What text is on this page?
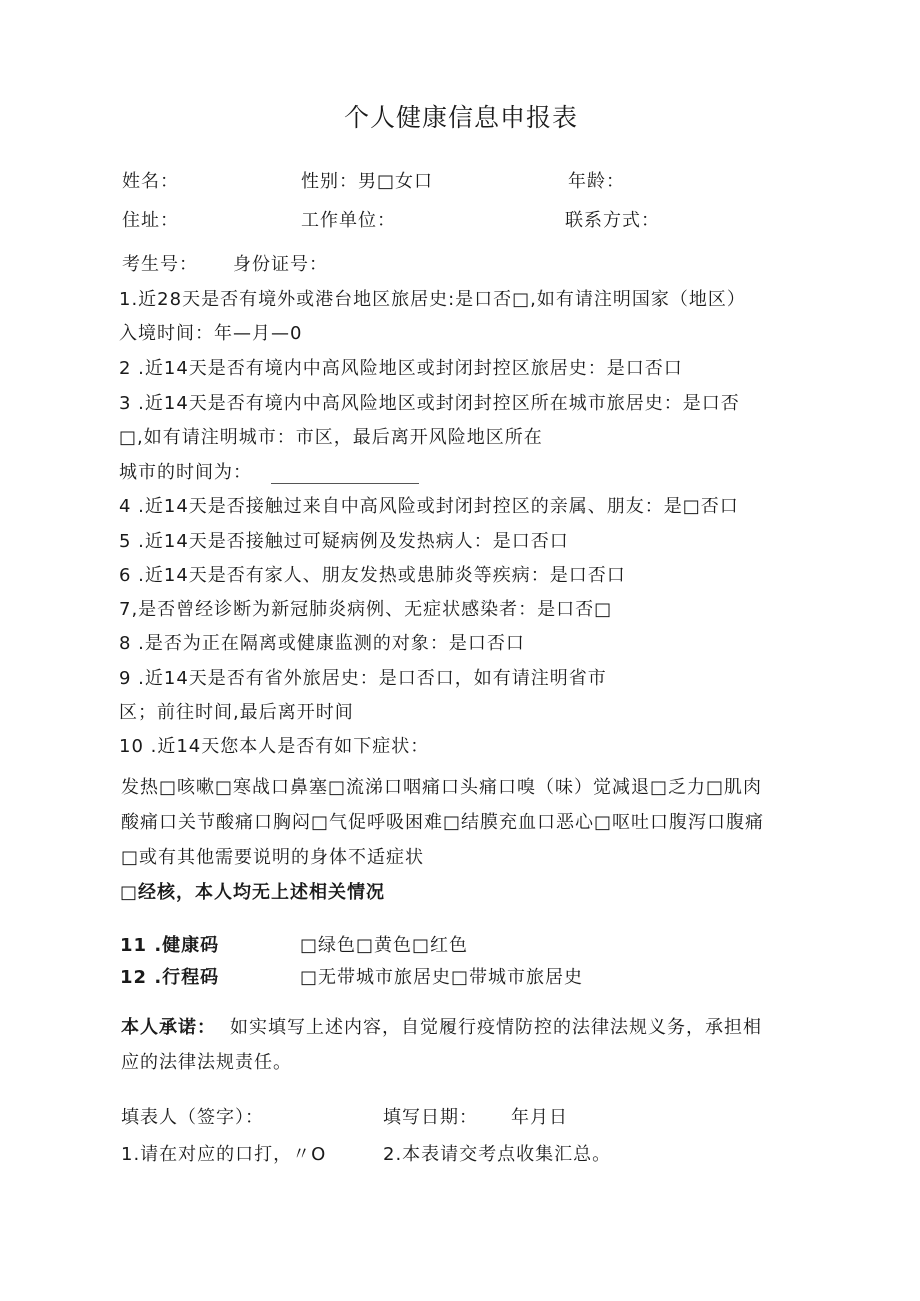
个人健康信息申报表
姓名：	性别：男□女口	年龄：
住址：	工作单位：	联系方式：
考生号： 身份证号：
1.近28天是否有境外或港台地区旅居史:是口否□,如有请注明国家（地区）
入境时间：年—月—0
2 .近14天是否有境内中高风险地区或封闭封控区旅居史：是口否口
3 .近14天是否有境内中高风险地区或封闭封控区所在城市旅居史：是口否
□,如有请注明城市：市区，最后离开风险地区所在
城市的时间为：
4 .近14天是否接触过来自中高风险或封闭封控区的亲属、朋友：是□否口
5 .近14天是否接触过可疑病例及发热病人：是口否口
6 .近14天是否有家人、朋友发热或患肺炎等疾病：是口否口
7,是否曾经诊断为新冠肺炎病例、无症状感染者：是口否□
8 .是否为正在隔离或健康监测的对象：是口否口
9 .近14天是否有省外旅居史：是口否口，如有请注明省市
区；前往时间,最后离开时间
10 .近14天您本人是否有如下症状：
发热□咳嗽□寒战口鼻塞□流涕口咽痛口头痛口嗅（味）觉减退□乏力□肌肉
酸痛口关节酸痛口胸闷□气促呼吸困难□结膜充血口恶心□呕吐口腹泻口腹痛
□或有其他需要说明的身体不适症状
□经核，本人均无上述相关情况
11 .健康码	□绿色□黄色□红色
12 .行程码	□无带城市旅居史□带城市旅居史
本人承诺： 如实填写上述内容，自觉履行疫情防控的法律法规义务，承担相
应的法律法规责任。
填表人（签字）：	填写日期： 年月日
1.请在对应的口打，〃O	2.本表请交考点收集汇总。
